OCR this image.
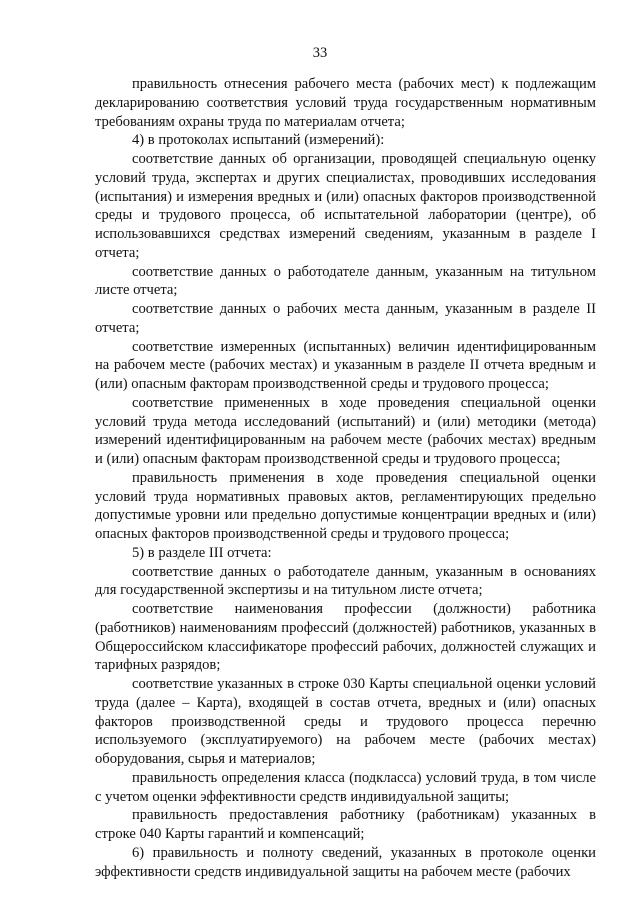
33

правильность отнесения рабочего места (рабочих мест) к подлежащим декларированию соответствия условий труда государственным нормативным требованиям охраны труда по материалам отчета;

4) в протоколах испытаний (измерений):

соответствие данных об организации, проводящей специальную оценку условий труда, экспертах и других специалистах, проводивших исследования (испытания) и измерения вредных и (или) опасных факторов производственной среды и трудового процесса, об испытательной лаборатории (центре), об использовавшихся средствах измерений сведениям, указанным в разделе I отчета;

соответствие данных о работодателе данным, указанным на титульном листе отчета;

соответствие данных о рабочих места данным, указанным в разделе II отчета;

соответствие измеренных (испытанных) величин идентифицированным на рабочем месте (рабочих местах) и указанным в разделе II отчета вредным и (или) опасным факторам производственной среды и трудового процесса;

соответствие примененных в ходе проведения специальной оценки условий труда метода исследований (испытаний) и (или) методики (метода) измерений идентифицированным на рабочем месте (рабочих местах) вредным и (или) опасным факторам производственной среды и трудового процесса;

правильность применения в ходе проведения специальной оценки условий труда нормативных правовых актов, регламентирующих предельно допустимые уровни или предельно допустимые концентрации вредных и (или) опасных факторов производственной среды и трудового процесса;

5) в разделе III отчета:

соответствие данных о работодателе данным, указанным в основаниях для государственной экспертизы и на титульном листе отчета;

соответствие наименования профессии (должности) работника (работников) наименованиям профессий (должностей) работников, указанных в Общероссийском классификаторе профессий рабочих, должностей служащих и тарифных разрядов;

соответствие указанных в строке 030 Карты специальной оценки условий труда (далее – Карта), входящей в состав отчета, вредных и (или) опасных факторов производственной среды и трудового процесса перечню используемого (эксплуатируемого) на рабочем месте (рабочих местах) оборудования, сырья и материалов;

правильность определения класса (подкласса) условий труда, в том числе с учетом оценки эффективности средств индивидуальной защиты;

правильность предоставления работнику (работникам) указанных в строке 040 Карты гарантий и компенсаций;

6) правильность и полноту сведений, указанных в протоколе оценки эффективности средств индивидуальной защиты на рабочем месте (рабочих
